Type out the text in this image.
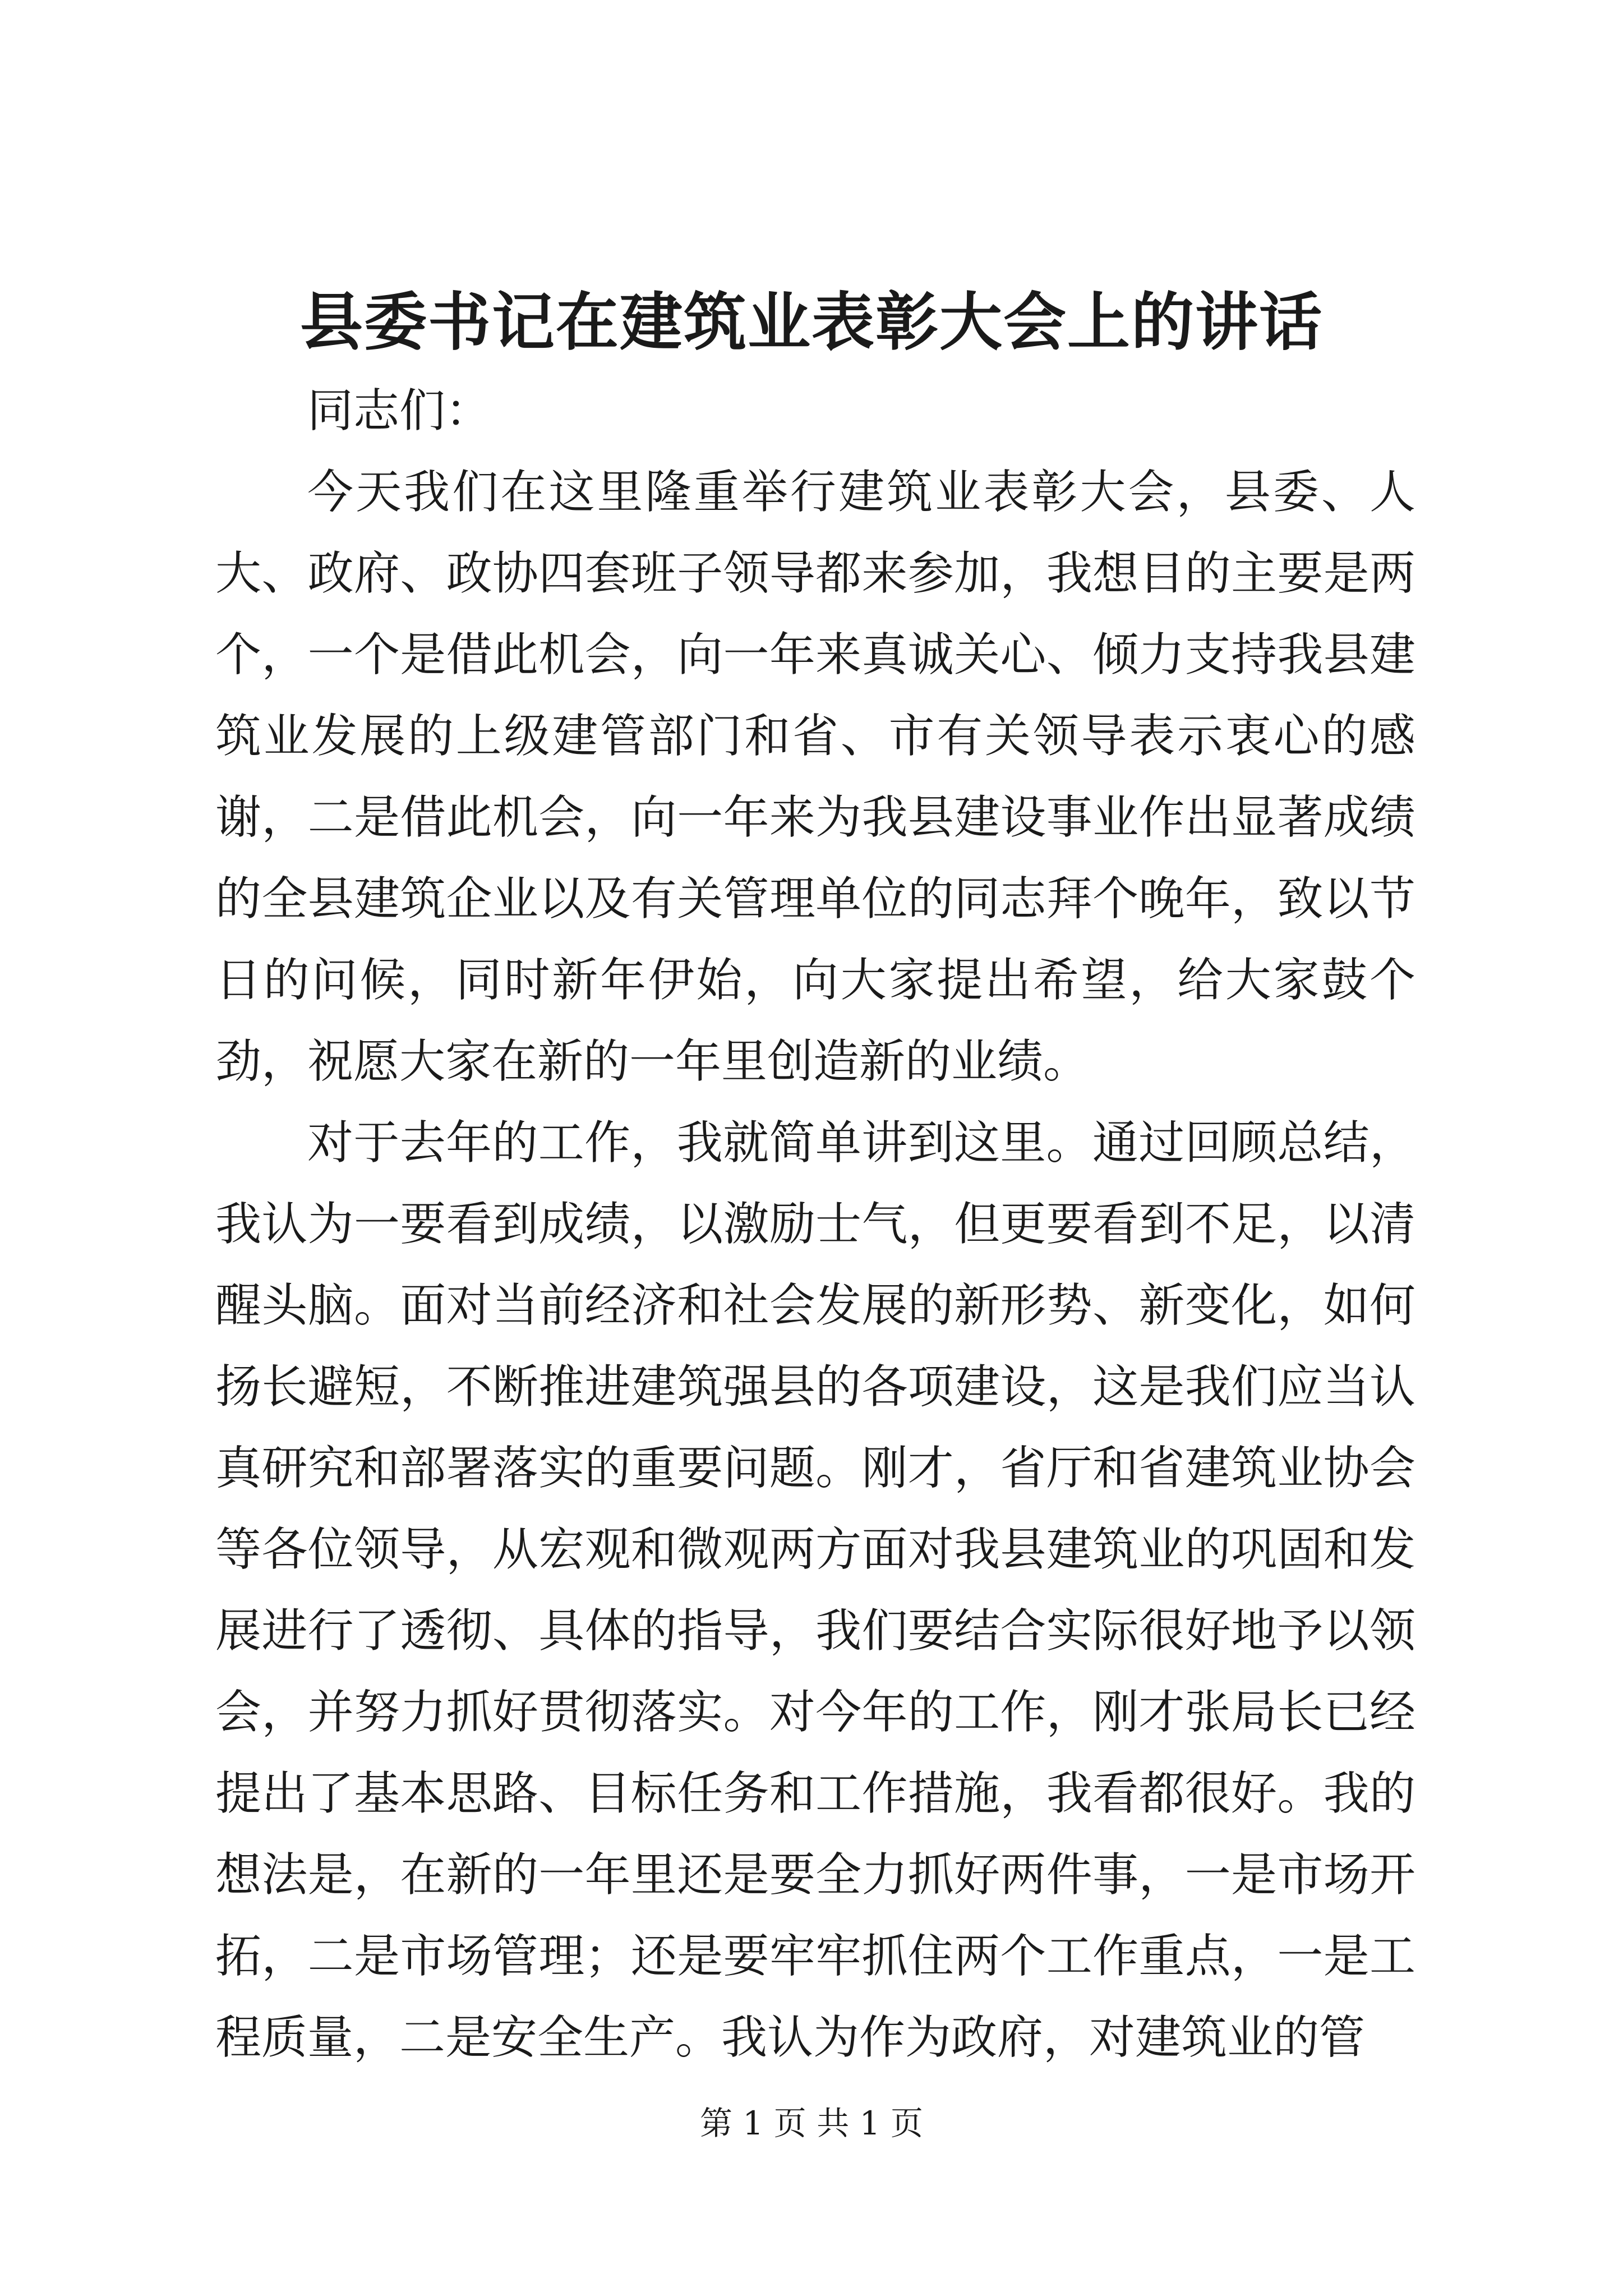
县委书记在建筑业表彰大会上的讲话

同志们：

今天我们在这里隆重举行建筑业表彰大会，县委、人大、政府、政协四套班子领导都来参加，我想目的主要是两个，一个是借此机会，向一年来真诚关心、倾力支持我县建筑业发展的上级建管部门和省、市有关领导表示衷心的感谢，二是借此机会，向一年来为我县建设事业作出显著成绩的全县建筑企业以及有关管理单位的同志拜个晚年，致以节日的问候，同时新年伊始，向大家提出希望，给大家鼓个劲，祝愿大家在新的一年里创造新的业绩。

对于去年的工作，我就简单讲到这里。通过回顾总结，我认为一要看到成绩，以激励士气，但更要看到不足，以清醒头脑。面对当前经济和社会发展的新形势、新变化，如何扬长避短，不断推进建筑强县的各项建设，这是我们应当认真研究和部署落实的重要问题。刚才，省厅和省建筑业协会等各位领导，从宏观和微观两方面对我县建筑业的巩固和发展进行了透彻、具体的指导，我们要结合实际很好地予以领会，并努力抓好贯彻落实。对今年的工作，刚才张局长已经提出了基本思路、目标任务和工作措施，我看都很好。我的想法是，在新的一年里还是要全力抓好两件事，一是市场开拓，二是市场管理；还是要牢牢抓住两个工作重点，一是工程质量，二是安全生产。我认为作为政府，对建筑业的管

第 1 页 共 1 页
